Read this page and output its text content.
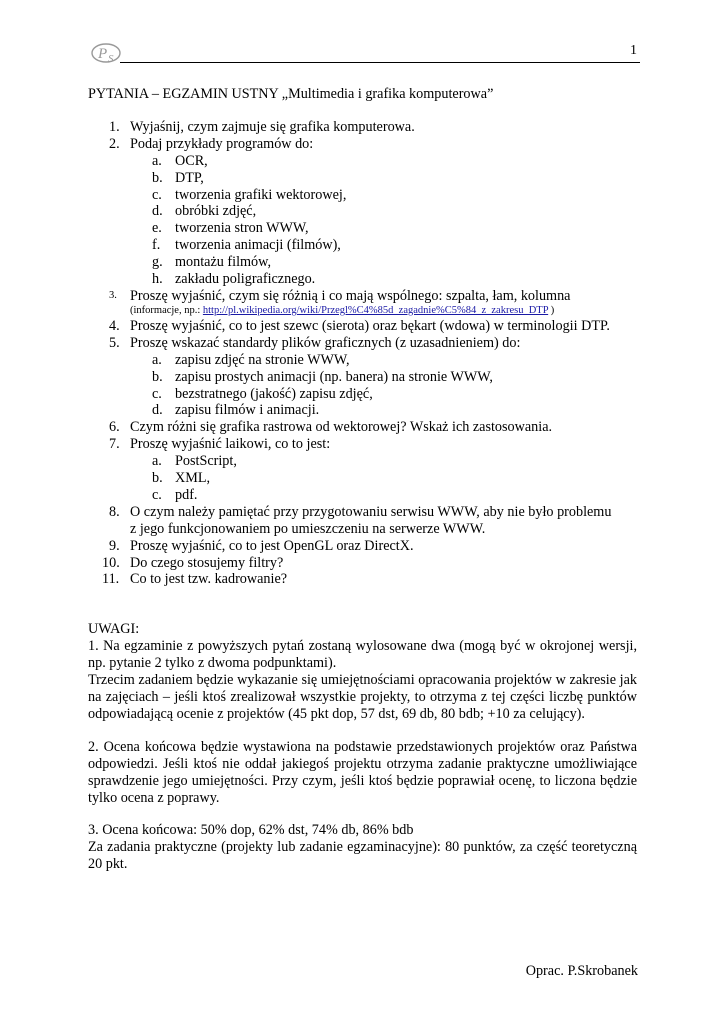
P S
1
PYTANIA – EGZAMIN USTNY „Multimedia i grafika komputerowa”
1. Wyjaśnij, czym zajmuje się grafika komputerowa.
2. Podaj przykłady programów do:
a. OCR,
b. DTP,
c. tworzenia grafiki wektorowej,
d. obróbki zdjęć,
e. tworzenia stron WWW,
f. tworzenia animacji (filmów),
g. montażu filmów,
h. zakładu poligraficznego.
3. Proszę wyjaśnić, czym się różnią i co mają wspólnego: szpalta, łam, kolumna
(informacje, np.: http://pl.wikipedia.org/wiki/Przegl%C4%85d_zagadnie%C5%84_z_zakresu_DTP )
4. Proszę wyjaśnić, co to jest szewc (sierota) oraz bękart (wdowa) w terminologii DTP.
5. Proszę wskazać standardy plików graficznych (z uzasadnieniem) do:
a. zapisu zdjęć na stronie WWW,
b. zapisu prostych animacji (np. banera) na stronie WWW,
c. bezstratnego (jakość) zapisu zdjęć,
d. zapisu filmów i animacji.
6. Czym różni się grafika rastrowa od wektorowej? Wskaż ich zastosowania.
7. Proszę wyjaśnić laikowi, co to jest:
a. PostScript,
b. XML,
c. pdf.
8. O czym należy pamiętać przy przygotowaniu serwisu WWW, aby nie było problemu
z jego funkcjonowaniem po umieszczeniu na serwerze WWW.
9. Proszę wyjaśnić, co to jest OpenGL oraz DirectX.
10. Do czego stosujemy filtry?
11. Co to jest tzw. kadrowanie?
UWAGI:
1. Na egzaminie z powyższych pytań zostaną wylosowane dwa (mogą być w okrojonej wersji, np. pytanie 2 tylko z dwoma podpunktami).
Trzecim zadaniem będzie wykazanie się umiejętnościami opracowania projektów w zakresie jak na zajęciach – jeśli ktoś zrealizował wszystkie projekty, to otrzyma z tej części liczbę punktów odpowiadającą ocenie z projektów (45 pkt dop, 57 dst, 69 db, 80 bdb; +10 za celujący).
2. Ocena końcowa będzie wystawiona na podstawie przedstawionych projektów oraz Państwa odpowiedzi. Jeśli ktoś nie oddał jakiegoś projektu otrzyma zadanie praktyczne umożliwiające sprawdzenie jego umiejętności. Przy czym, jeśli ktoś będzie poprawiał ocenę, to liczona będzie tylko ocena z poprawy.
3. Ocena końcowa: 50% dop, 62% dst, 74% db, 86% bdb
Za zadania praktyczne (projekty lub zadanie egzaminacyjne): 80 punktów, za część teoretyczną 20 pkt.
Oprac. P.Skrobanek
